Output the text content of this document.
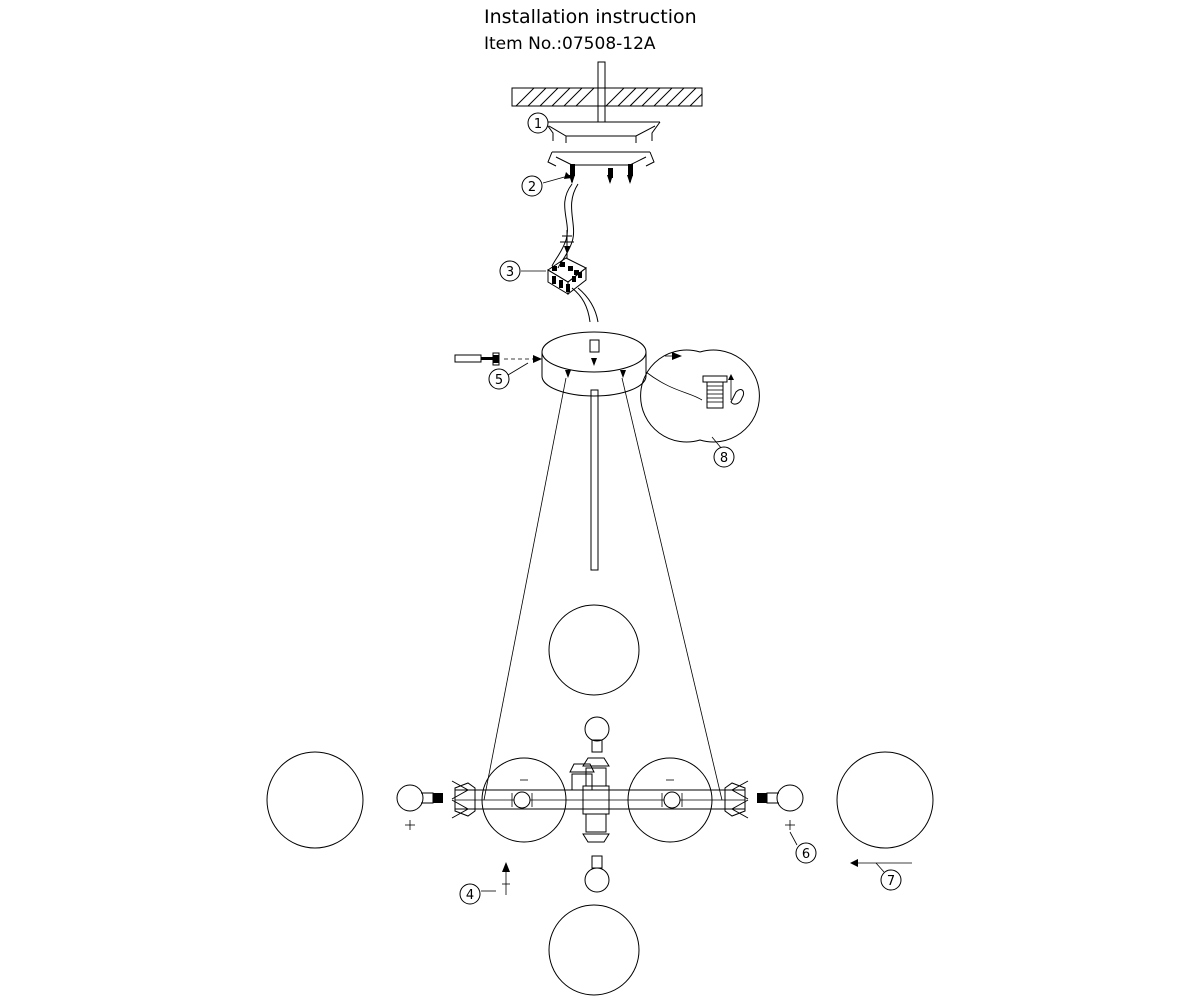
Installation instruction
Item No.:07508-12A
1
2
3
4
5
6
7
8
